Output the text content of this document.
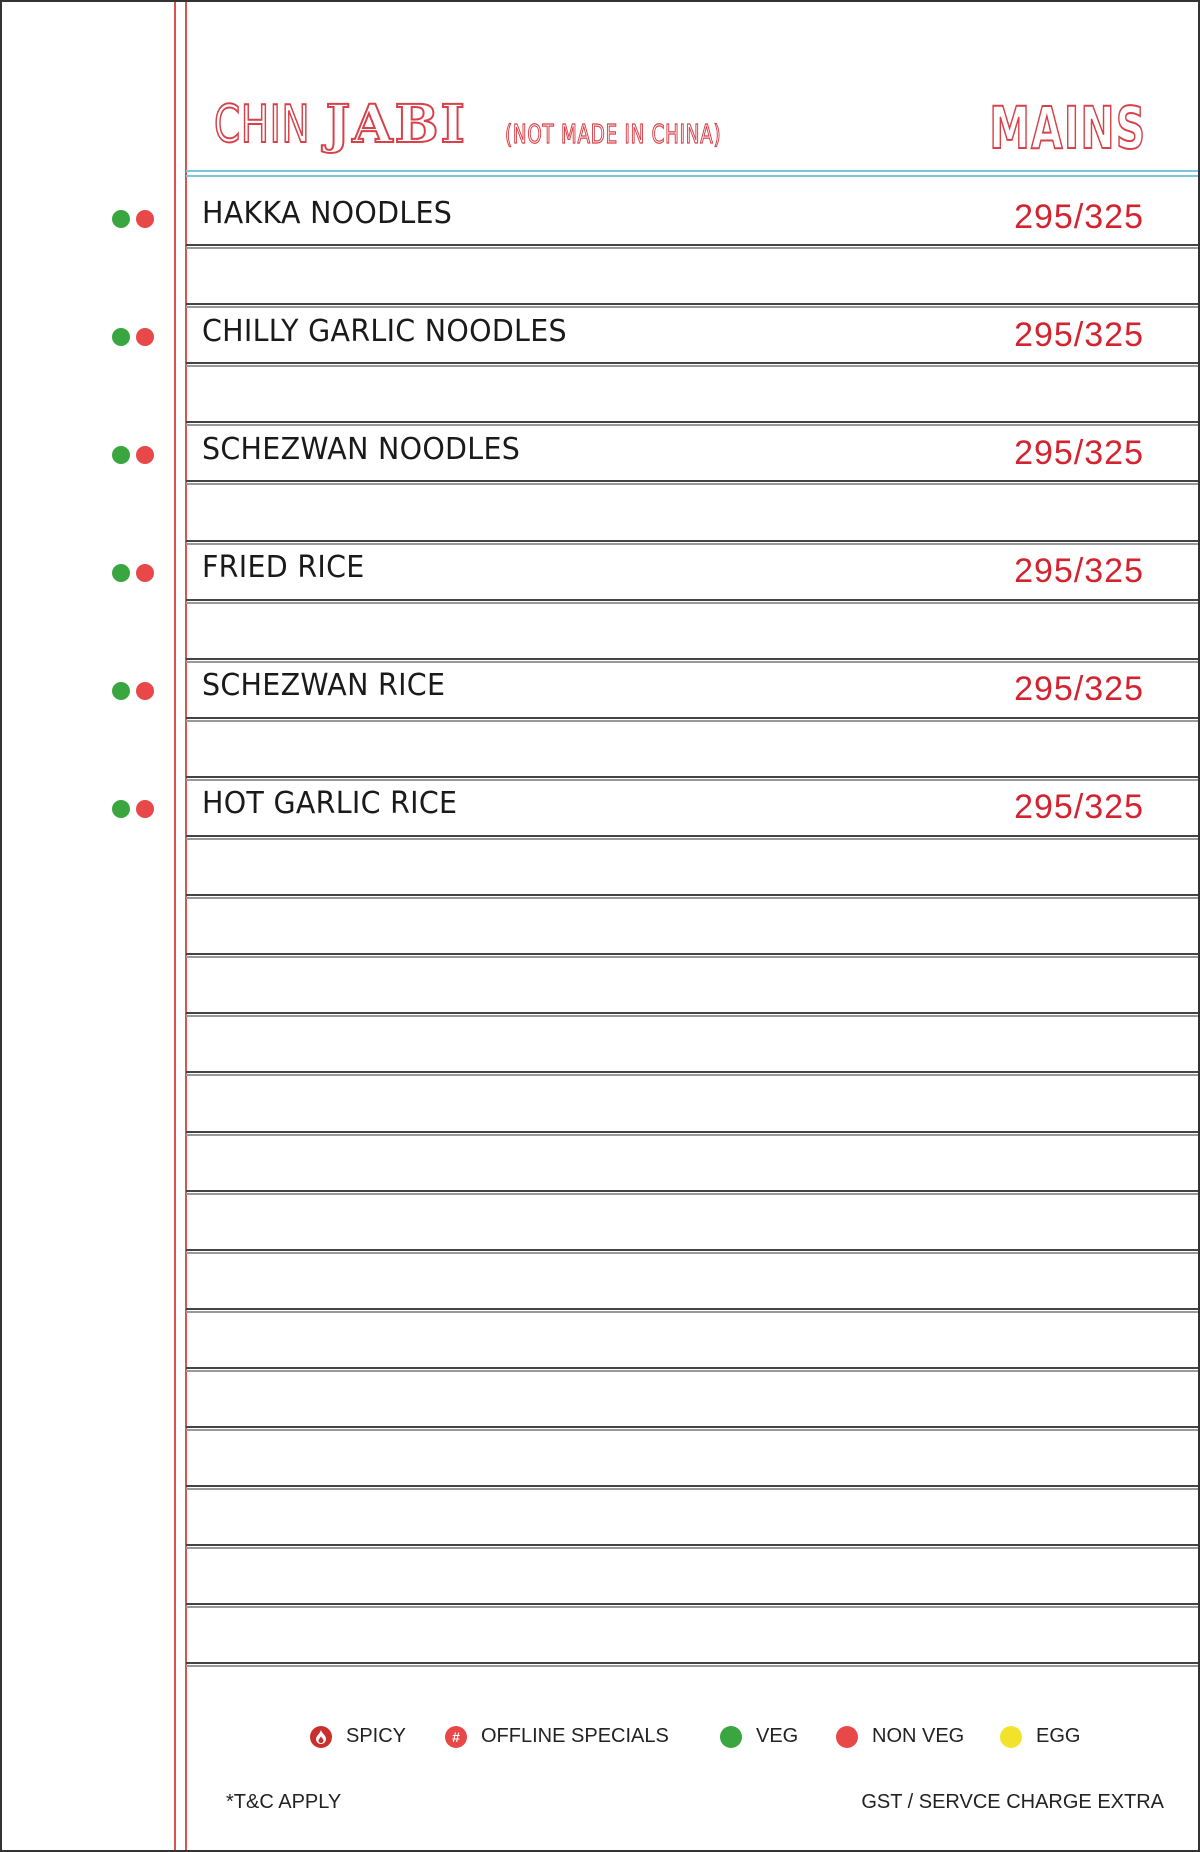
CHIN JABI (NOT MADE IN CHINA)	MAINS
HAKKA NOODLES	295/325
CHILLY GARLIC NOODLES	295/325
SCHEZWAN NOODLES	295/325
FRIED RICE	295/325
SCHEZWAN RICE	295/325
HOT GARLIC RICE	295/325
SPICY	#	OFFLINE SPECIALS	VEG	NON VEG	EGG
*T&C APPLY	GST / SERVCE CHARGE EXTRA
